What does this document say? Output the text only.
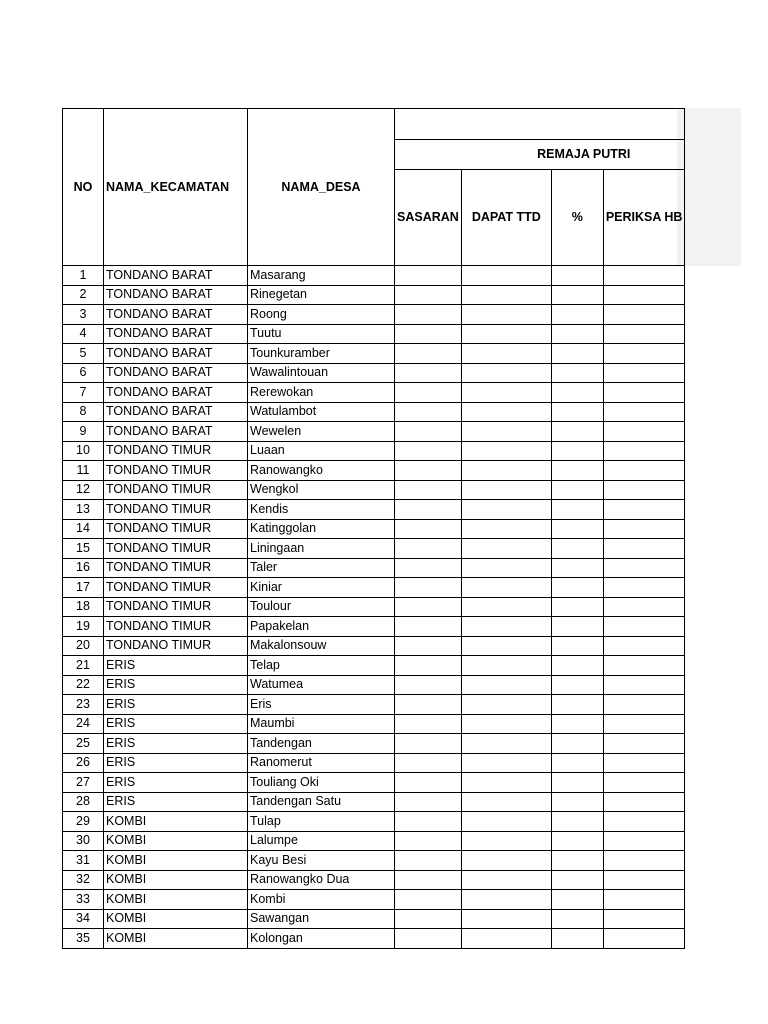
NO	NAMA_KECAMATAN	NAMA_DESA				
			REMAJA PUTRI			
			SASARAN	DAPAT TTD	%	PERIKSA HB
1	TONDANO BARAT	Masarang				
2	TONDANO BARAT	Rinegetan				
3	TONDANO BARAT	Roong				
4	TONDANO BARAT	Tuutu				
5	TONDANO BARAT	Tounkuramber				
6	TONDANO BARAT	Wawalintouan				
7	TONDANO BARAT	Rerewokan				
8	TONDANO BARAT	Watulambot				
9	TONDANO BARAT	Wewelen				
10	TONDANO TIMUR	Luaan				
11	TONDANO TIMUR	Ranowangko				
12	TONDANO TIMUR	Wengkol				
13	TONDANO TIMUR	Kendis				
14	TONDANO TIMUR	Katinggolan				
15	TONDANO TIMUR	Liningaan				
16	TONDANO TIMUR	Taler				
17	TONDANO TIMUR	Kiniar				
18	TONDANO TIMUR	Toulour				
19	TONDANO TIMUR	Papakelan				
20	TONDANO TIMUR	Makalonsouw				
21	ERIS	Telap				
22	ERIS	Watumea				
23	ERIS	Eris				
24	ERIS	Maumbi				
25	ERIS	Tandengan				
26	ERIS	Ranomerut				
27	ERIS	Touliang Oki				
28	ERIS	Tandengan Satu				
29	KOMBI	Tulap				
30	KOMBI	Lalumpe				
31	KOMBI	Kayu Besi				
32	KOMBI	Ranowangko Dua				
33	KOMBI	Kombi				
34	KOMBI	Sawangan				
35	KOMBI	Kolongan				
